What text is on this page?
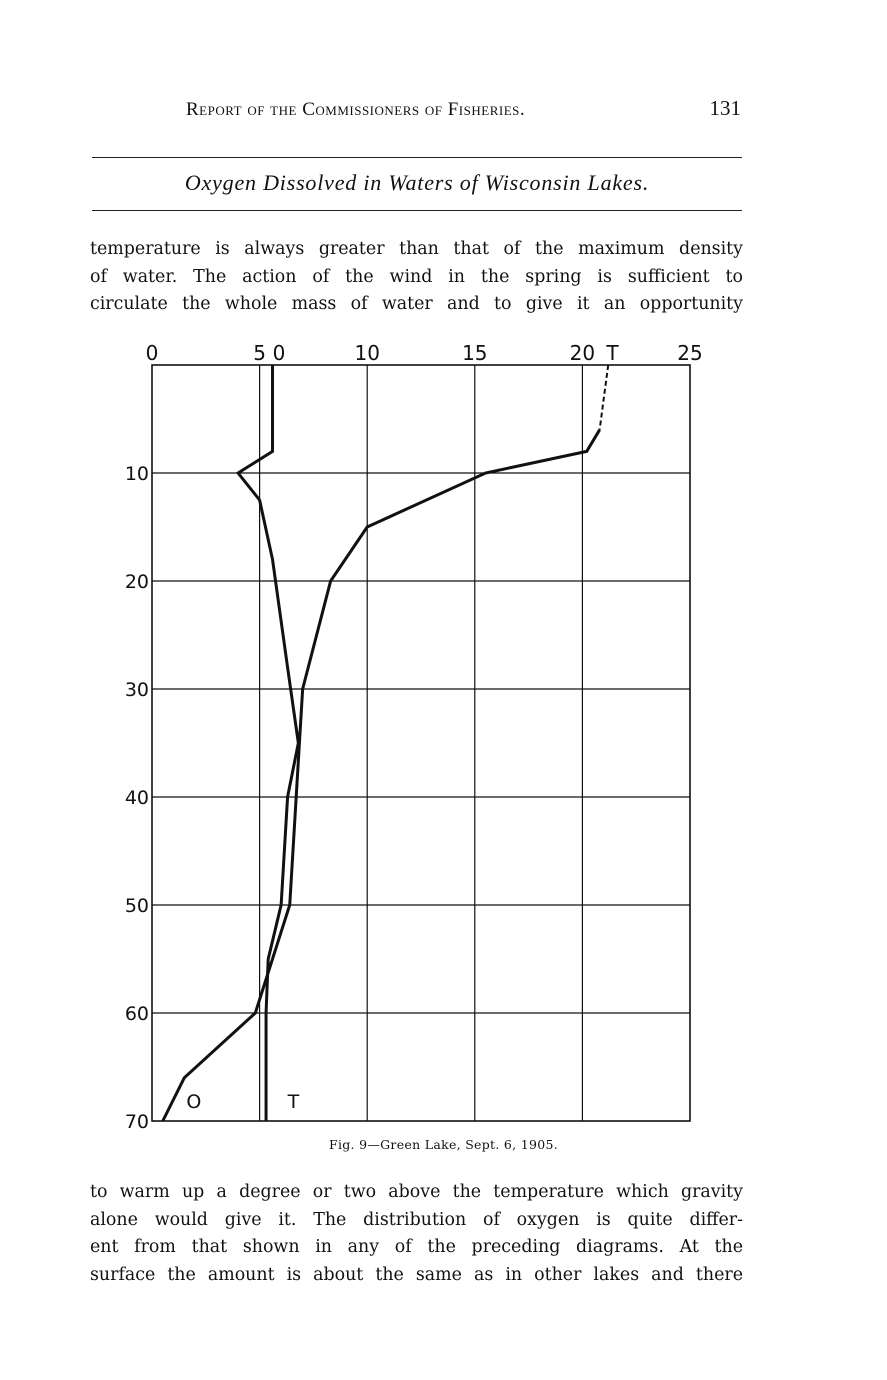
Report of the Commissioners of Fisheries.	131
Oxygen Dissolved in Waters of Wisconsin Lakes.
temperature is always greater than that of the maximum density
of water. The action of the wind in the spring is sufficient to
circulate the whole mass of water and to give it an opportunity
0	5 0	10	15	20 T	25
10
20
30
40
50
60
70
O	T
Fig. 9—Green Lake, Sept. 6, 1905.
to warm up a degree or two above the temperature which gravity
alone would give it. The distribution of oxygen is quite differ-
ent from that shown in any of the preceding diagrams. At the
surface the amount is about the same as in other lakes and there
